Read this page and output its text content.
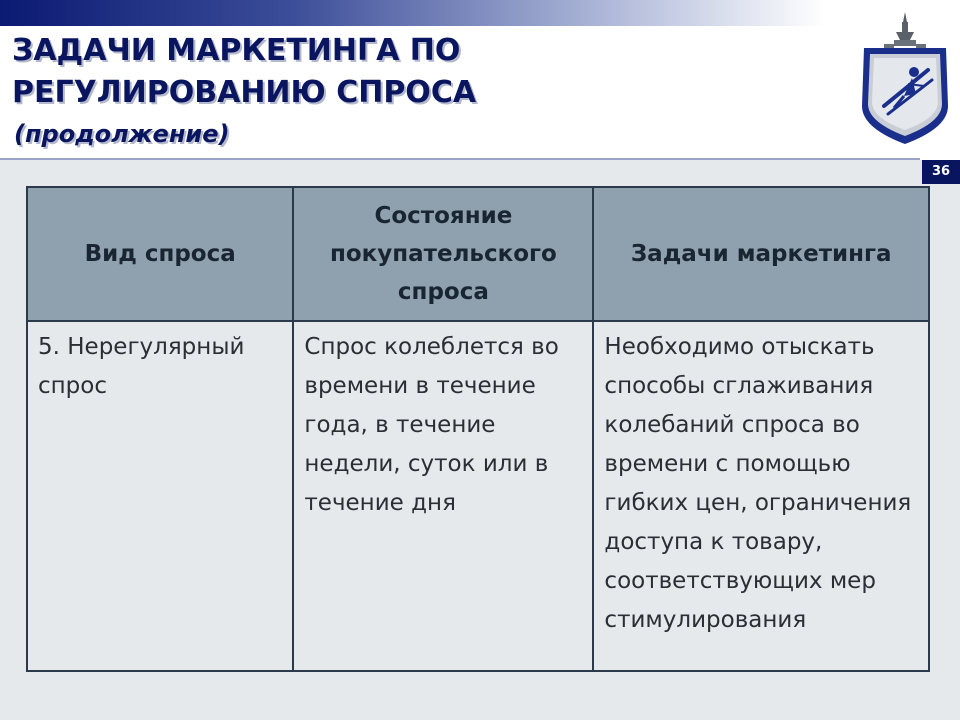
ЗАДАЧИ МАРКЕТИНГА ПО
РЕГУЛИРОВАНИЮ СПРОСА

(продолжение)

36
Вид спроса	Состояние покупательского спроса	Задачи маркетинга
5. Нерегулярный спрос	Спрос колеблется во времени в течение года, в течение недели, суток или в течение дня	Необходимо отыскать способы сглаживания колебаний спроса во времени с помощью гибких цен, ограничения доступа к товару, соответствующих мер стимулирования
